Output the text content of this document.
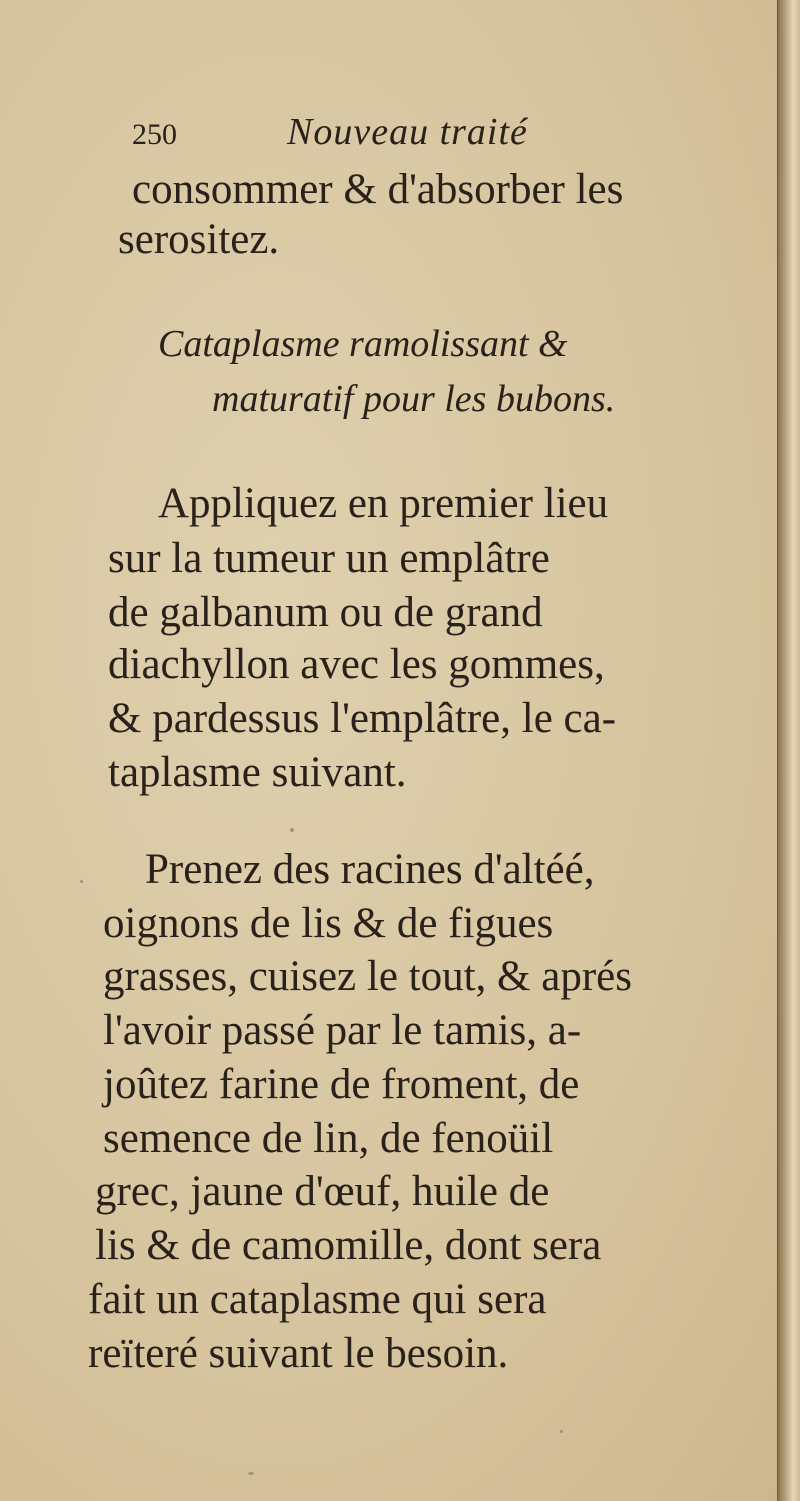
250	Nouveau traité
consommer & d'absorber les
serositez.
Cataplasme ramolissant &
maturatif pour les bubons.
Appliquez en premier lieu
sur la tumeur un emplâtre
de galbanum ou de grand
diachyllon avec les gommes,
& pardessus l'emplâtre, le ca-
taplasme suivant.
Prenez des racines d'altéé,
oignons de lis & de figues
grasses, cuisez le tout, & aprés
l'avoir passé par le tamis, a-
joûtez farine de froment, de
semence de lin, de fenoüil
grec, jaune d'œuf, huile de
lis & de camomille, dont sera
fait un cataplasme qui sera
reïteré suivant le besoin.
